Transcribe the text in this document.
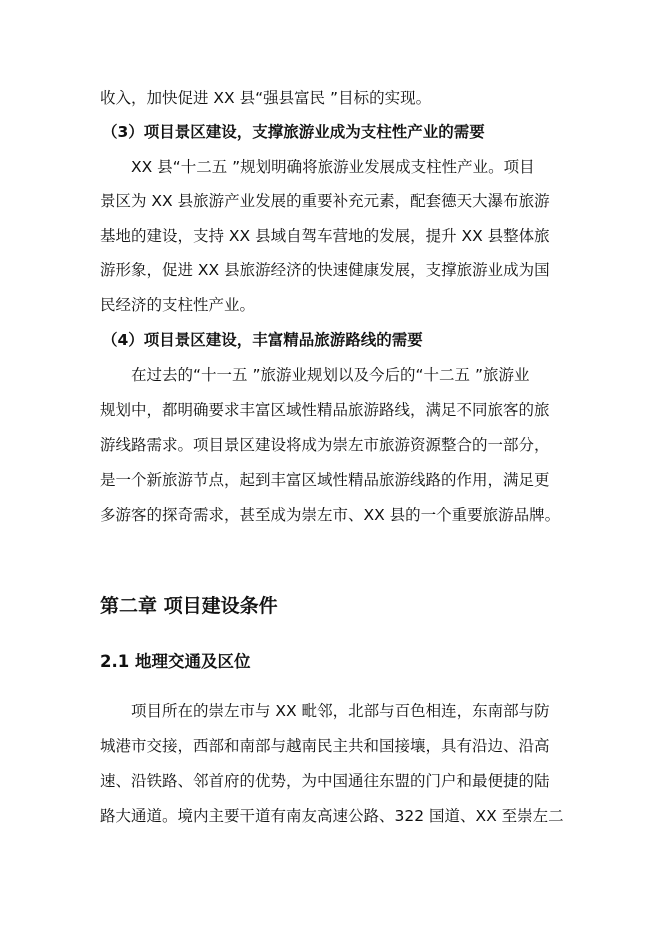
收入，加快促进 XX 县“强县富民 ”目标的实现。
（3）项目景区建设，支撑旅游业成为支柱性产业的需要
XX 县“十二五 ”规划明确将旅游业发展成支柱性产业。项目
景区为 XX 县旅游产业发展的重要补充元素，配套德天大瀑布旅游
基地的建设，支持 XX 县域自驾车营地的发展，提升 XX 县整体旅
游形象，促进 XX 县旅游经济的快速健康发展，支撑旅游业成为国
民经济的支柱性产业。
（4）项目景区建设，丰富精品旅游路线的需要
在过去的“十一五 ”旅游业规划以及今后的“十二五 ”旅游业
规划中，都明确要求丰富区域性精品旅游路线，满足不同旅客的旅
游线路需求。项目景区建设将成为崇左市旅游资源整合的一部分，
是一个新旅游节点，起到丰富区域性精品旅游线路的作用，满足更
多游客的探奇需求，甚至成为崇左市、XX 县的一个重要旅游品牌。
第二章 项目建设条件
2.1 地理交通及区位
项目所在的崇左市与 XX 毗邻，北部与百色相连，东南部与防
城港市交接，西部和南部与越南民主共和国接壤，具有沿边、沿高
速、沿铁路、邻首府的优势，为中国通往东盟的门户和最便捷的陆
路大通道。境内主要干道有南友高速公路、322 国道、XX 至崇左二
